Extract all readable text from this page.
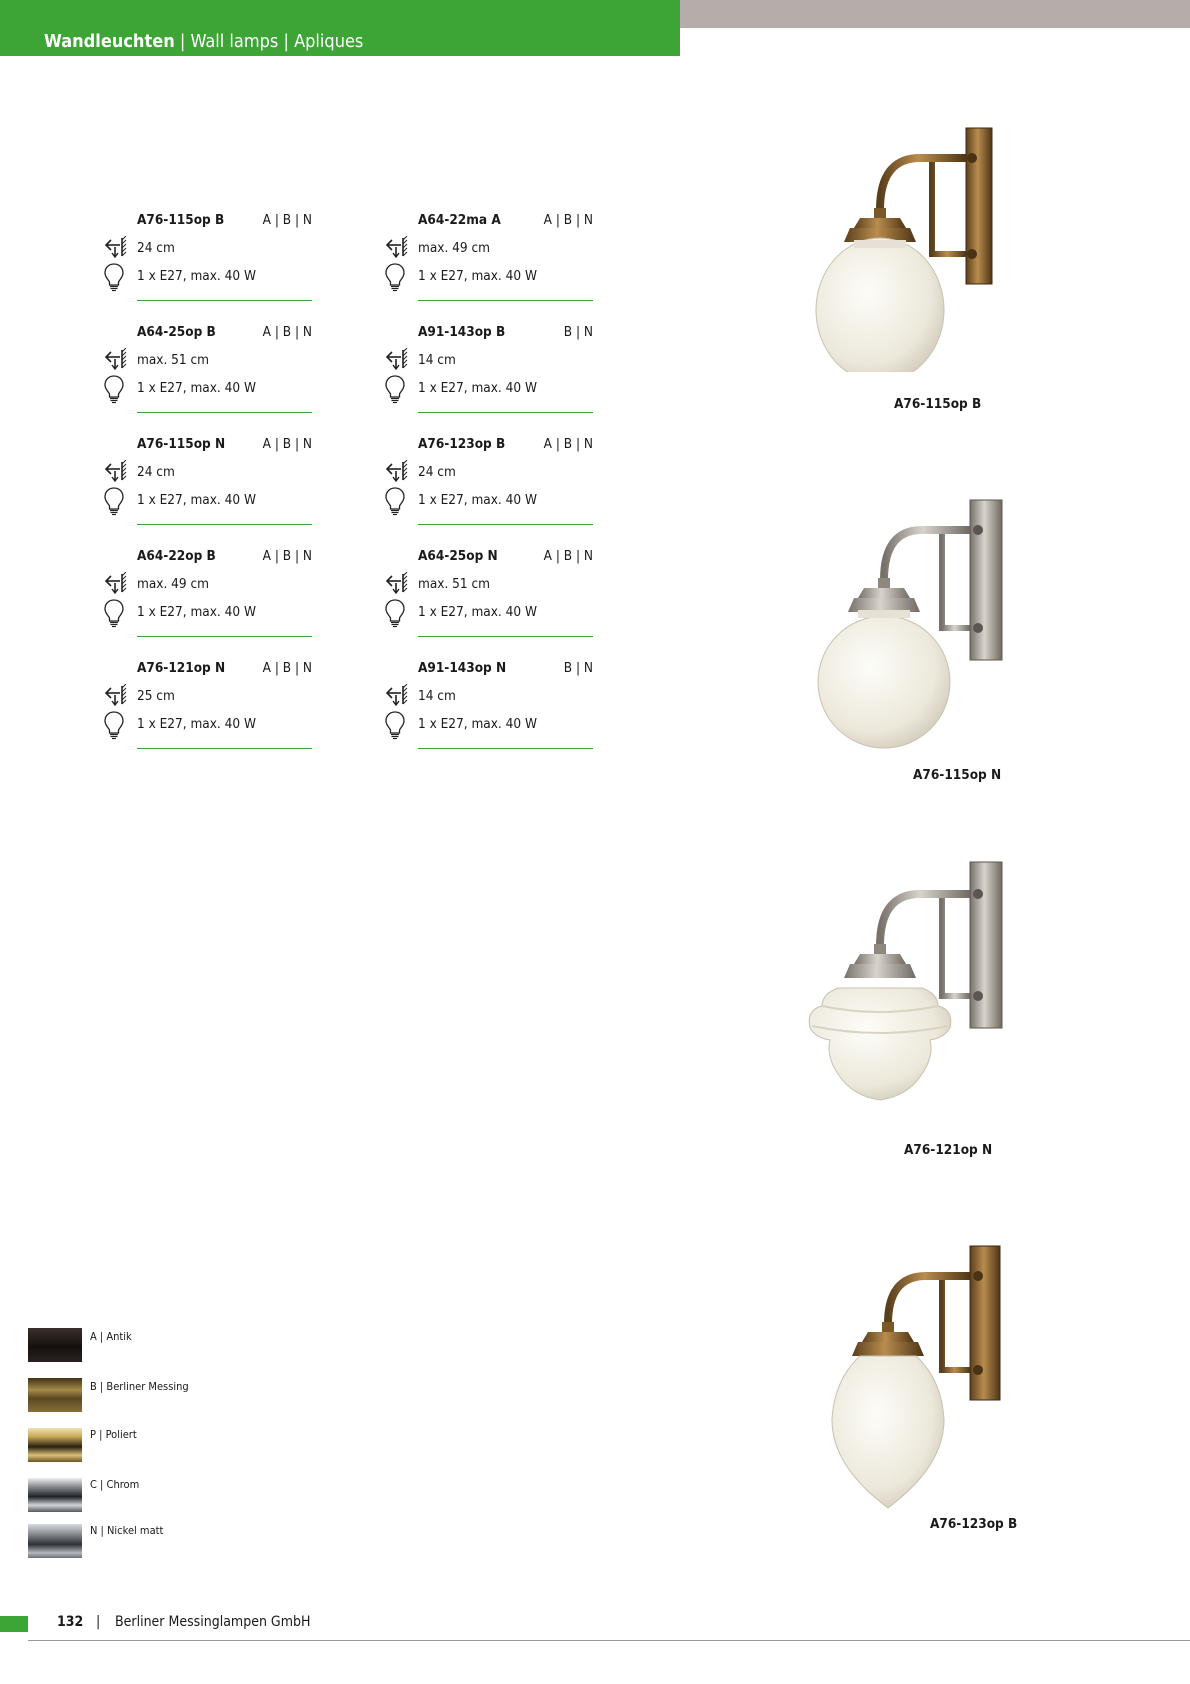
Wandleuchten | Wall lamps | Apliques
A76-115op B	A | B | N
24 cm
1 x E27, max. 40 W
A64-25op B	A | B | N
max. 51 cm
1 x E27, max. 40 W
A76-115op N	A | B | N
24 cm
1 x E27, max. 40 W
A64-22op B	A | B | N
max. 49 cm
1 x E27, max. 40 W
A76-121op N	A | B | N
25 cm
1 x E27, max. 40 W
A64-22ma A	A | B | N
max. 49 cm
1 x E27, max. 40 W
A91-143op B	B | N
14 cm
1 x E27, max. 40 W
A76-123op B	A | B | N
24 cm
1 x E27, max. 40 W
A64-25op N	A | B | N
max. 51 cm
1 x E27, max. 40 W
A91-143op N	B | N
14 cm
1 x E27, max. 40 W
A76-115op B
A76-115op N
A76-121op N
A76-123op B
A | Antik
B | Berliner Messing
P | Poliert
C | Chrom
N | Nickel matt
132 | Berliner Messinglampen GmbH
